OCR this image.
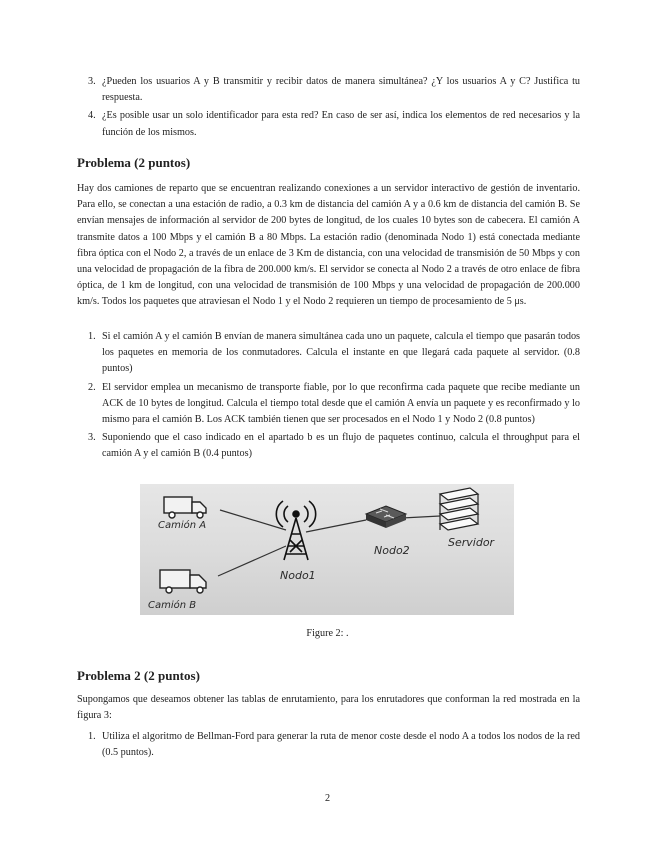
3. ¿Pueden los usuarios A y B transmitir y recibir datos de manera simultánea? ¿Y los usuarios A y C? Justifica tu respuesta.
4. ¿Es posible usar un solo identificador para esta red? En caso de ser así, indica los elementos de red necesarios y la función de los mismos.
Problema (2 puntos)

Hay dos camiones de reparto que se encuentran realizando conexiones a un servidor interactivo de gestión de inventario. Para ello, se conectan a una estación de radio, a 0.3 km de distancia del camión A y a 0.6 km de distancia del camión B. Se envían mensajes de información al servidor de 200 bytes de longitud, de los cuales 10 bytes son de cabecera. El camión A transmite datos a 100 Mbps y el camión B a 80 Mbps. La estación radio (denominada Nodo 1) está conectada mediante fibra óptica con el Nodo 2, a través de un enlace de 3 Km de distancia, con una velocidad de transmisión de 50 Mbps y con una velocidad de propagación de la fibra de 200.000 km/s. El servidor se conecta al Nodo 2 a través de otro enlace de fibra óptica, de 1 km de longitud, con una velocidad de transmisión de 100 Mbps y una velocidad de propagación de 200.000 km/s. Todos los paquetes que atraviesan el Nodo 1 y el Nodo 2 requieren un tiempo de procesamiento de 5 μs.

1. Si el camión A y el camión B envían de manera simultánea cada uno un paquete, calcula el tiempo que pasarán todos los paquetes en memoria de los conmutadores. Calcula el instante en que llegará cada paquete al servidor. (0.8 puntos)
2. El servidor emplea un mecanismo de transporte fiable, por lo que reconfirma cada paquete que recibe mediante un ACK de 10 bytes de longitud. Calcula el tiempo total desde que el camión A envía un paquete y es reconfirmado y lo mismo para el camión B. Los ACK también tienen que ser procesados en el Nodo 1 y Nodo 2 (0.8 puntos)
3. Suponiendo que el caso indicado en el apartado b es un flujo de paquetes continuo, calcula el throughput para el camión A y el camión B (0.4 puntos)
Camión A
Camión B
Nodo1
Nodo2
Servidor
Figure 2: .
Problema 2 (2 puntos)

Supongamos que deseamos obtener las tablas de enrutamiento, para los enrutadores que conforman la red mostrada en la figura 3:

1. Utiliza el algoritmo de Bellman-Ford para generar la ruta de menor coste desde el nodo A a todos los nodos de la red (0.5 puntos).
2
